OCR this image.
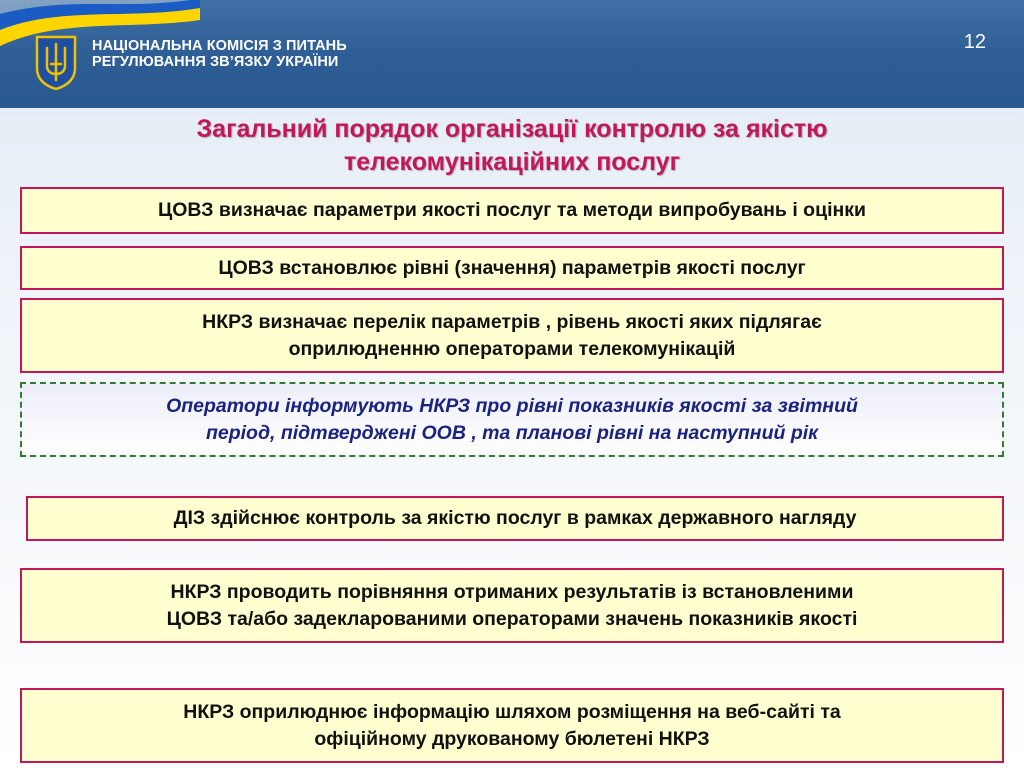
НАЦІОНАЛЬНА КОМІСІЯ З ПИТАНЬ
РЕГУЛЮВАННЯ ЗВ’ЯЗКУ УКРАЇНИ
12
Загальний порядок організації контролю за якістю
телекомунікаційних послуг
ЦОВЗ визначає параметри якості послуг та методи випробувань і оцінки
ЦОВЗ встановлює рівні (значення) параметрів якості послуг
НКРЗ визначає перелік параметрів , рівень якості яких підлягає
оприлюдненню операторами телекомунікацій
Оператори інформують НКРЗ про рівні показників якості за звітний
період, підтверджені ООВ , та планові рівні на наступний рік
ДІЗ здійснює контроль за якістю послуг в рамках державного нагляду
НКРЗ проводить порівняння отриманих результатів із встановленими
ЦОВЗ та/або задекларованими операторами значень показників якості
НКРЗ оприлюднює інформацію шляхом розміщення на веб-сайті та
офіційному друкованому бюлетені НКРЗ
